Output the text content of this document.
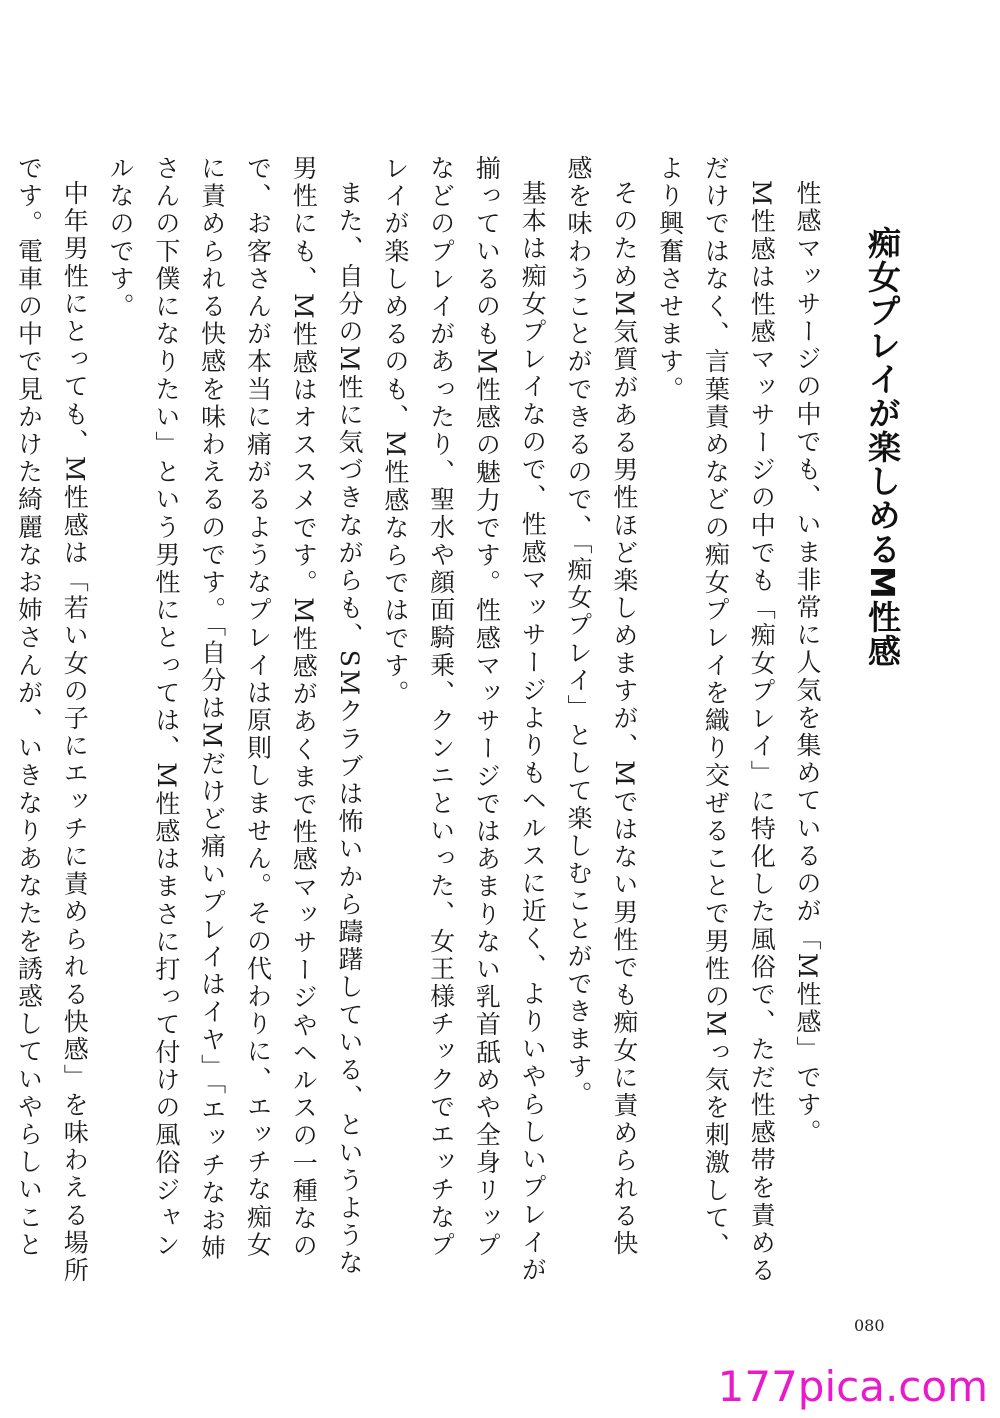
痴女プレイが楽しめるM性感

性感マッサージの中でも、いま非常に人気を集めているのが「M性感」です。

M性感は性感マッサージの中でも「痴女プレイ」に特化した風俗で、ただ性感帯を責めるだけではなく、言葉責めなどの痴女プレイを織り交ぜることで男性のMっ気を刺激して、より興奮させます。

そのためM気質がある男性ほど楽しめますが、Mではない男性でも痴女に責められる快感を味わうことができるので、「痴女プレイ」として楽しむことができます。

基本は痴女プレイなので、性感マッサージよりもヘルスに近く、よりいやらしいプレイが揃っているのもM性感の魅力です。性感マッサージではあまりない乳首舐めや全身リップなどのプレイがあったり、聖水や顔面騎乗、クンニといった、女王様チックでエッチなプレイが楽しめるのも、M性感ならではです。

また、自分のM性に気づきながらも、SMクラブは怖いから躊躇している、というような男性にも、M性感はオススメです。M性感があくまで性感マッサージやヘルスの一種なので、お客さんが本当に痛がるようなプレイは原則しません。その代わりに、エッチな痴女に責められる快感を味わえるのです。「自分はMだけど痛いプレイはイヤ」「エッチなお姉さんの下僕になりたい」という男性にとっては、M性感はまさに打って付けの風俗ジャンルなのです。

中年男性にとっても、M性感は「若い女の子にエッチに責められる快感」を味わえる場所です。電車の中で見かけた綺麗なお姉さんが、いきなりあなたを誘惑していやらしいこと

080
177pica.com
